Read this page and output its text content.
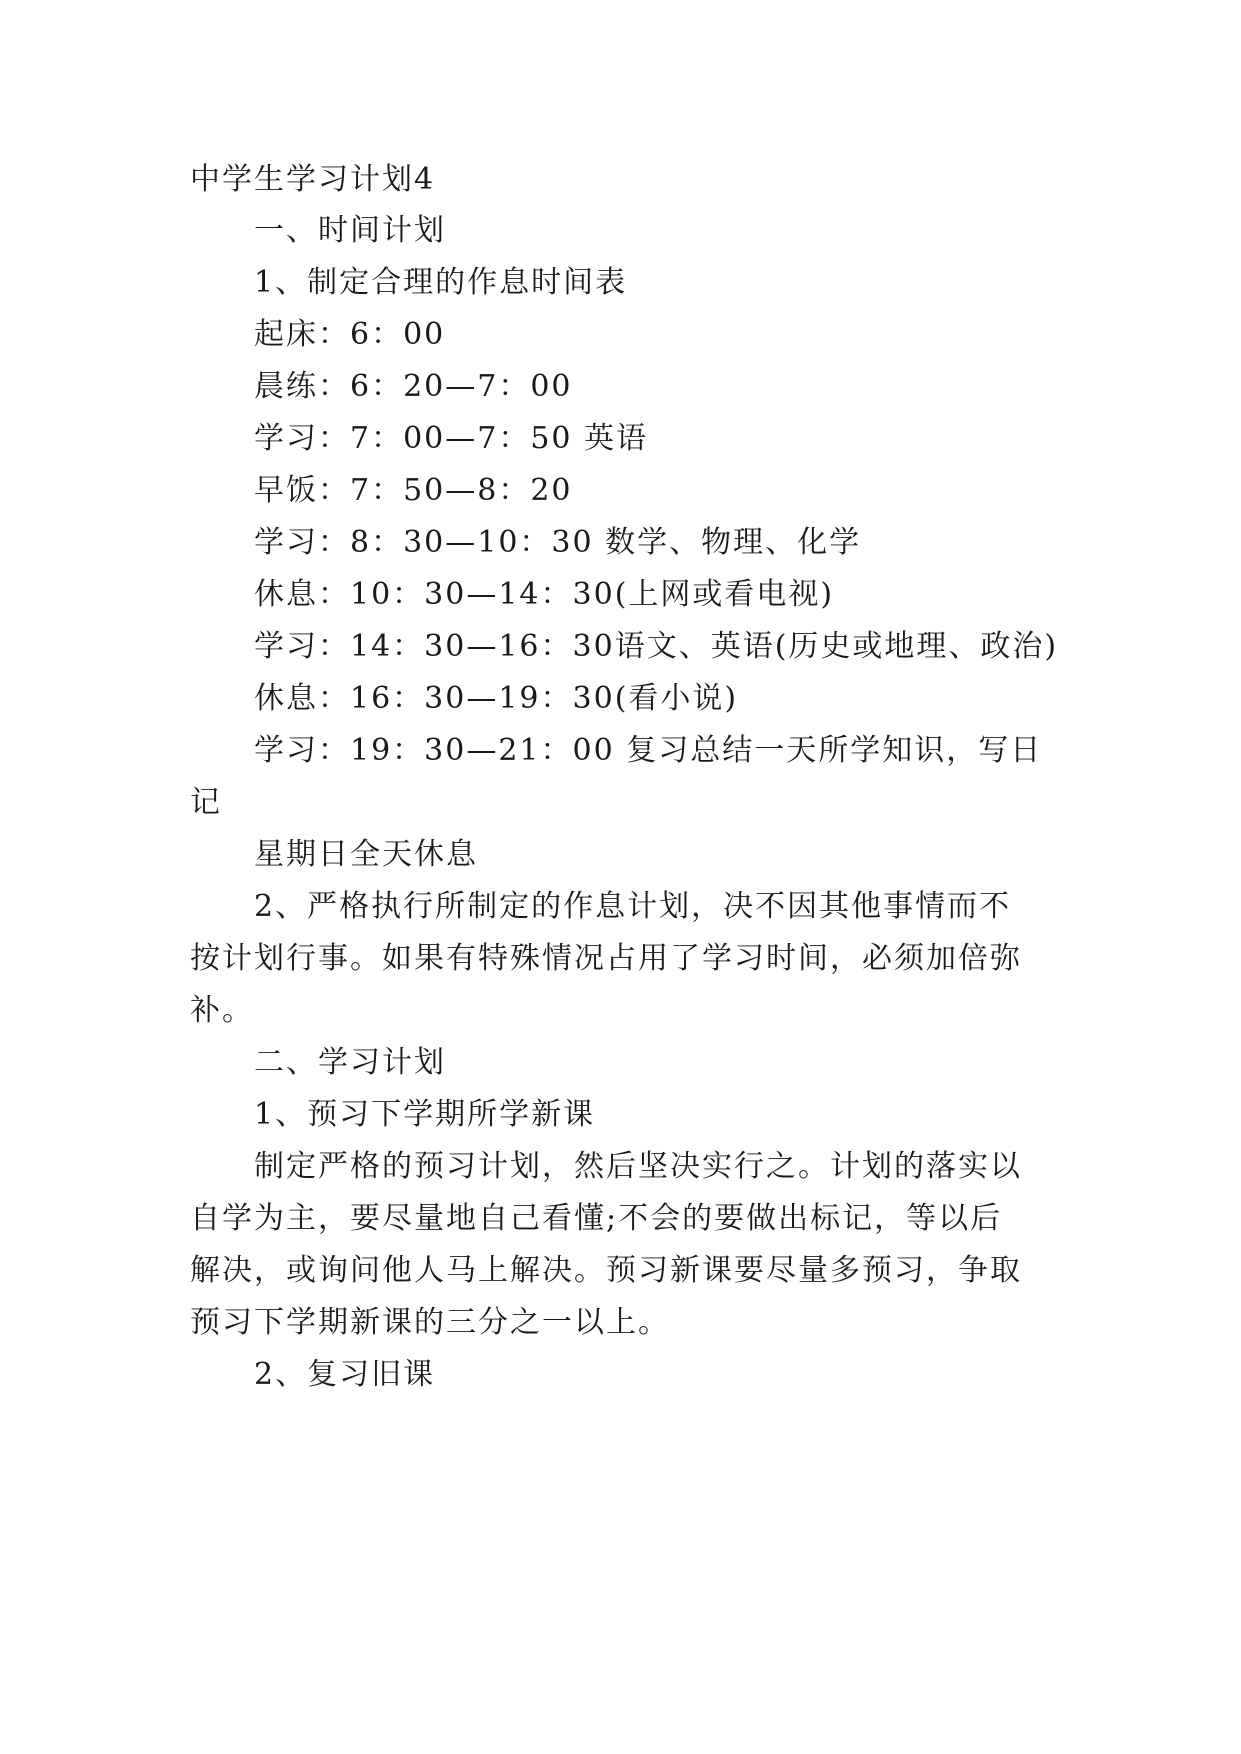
中学生学习计划4
一、时间计划
1、制定合理的作息时间表
起床：6：00
晨练：6：20—7：00
学习：7：00—7：50 英语
早饭：7：50—8：20
学习：8：30—10：30 数学、物理、化学
休息：10：30—14：30(上网或看电视)
学习：14：30—16：30语文、英语(历史或地理、政治)
休息：16：30—19：30(看小说)
学习：19：30—21：00 复习总结一天所学知识，写日
记
星期日全天休息
2、严格执行所制定的作息计划，决不因其他事情而不
按计划行事。如果有特殊情况占用了学习时间，必须加倍弥
补。
二、学习计划
1、预习下学期所学新课
制定严格的预习计划，然后坚决实行之。计划的落实以
自学为主，要尽量地自己看懂;不会的要做出标记，等以后
解决，或询问他人马上解决。预习新课要尽量多预习，争取
预习下学期新课的三分之一以上。
2、复习旧课
